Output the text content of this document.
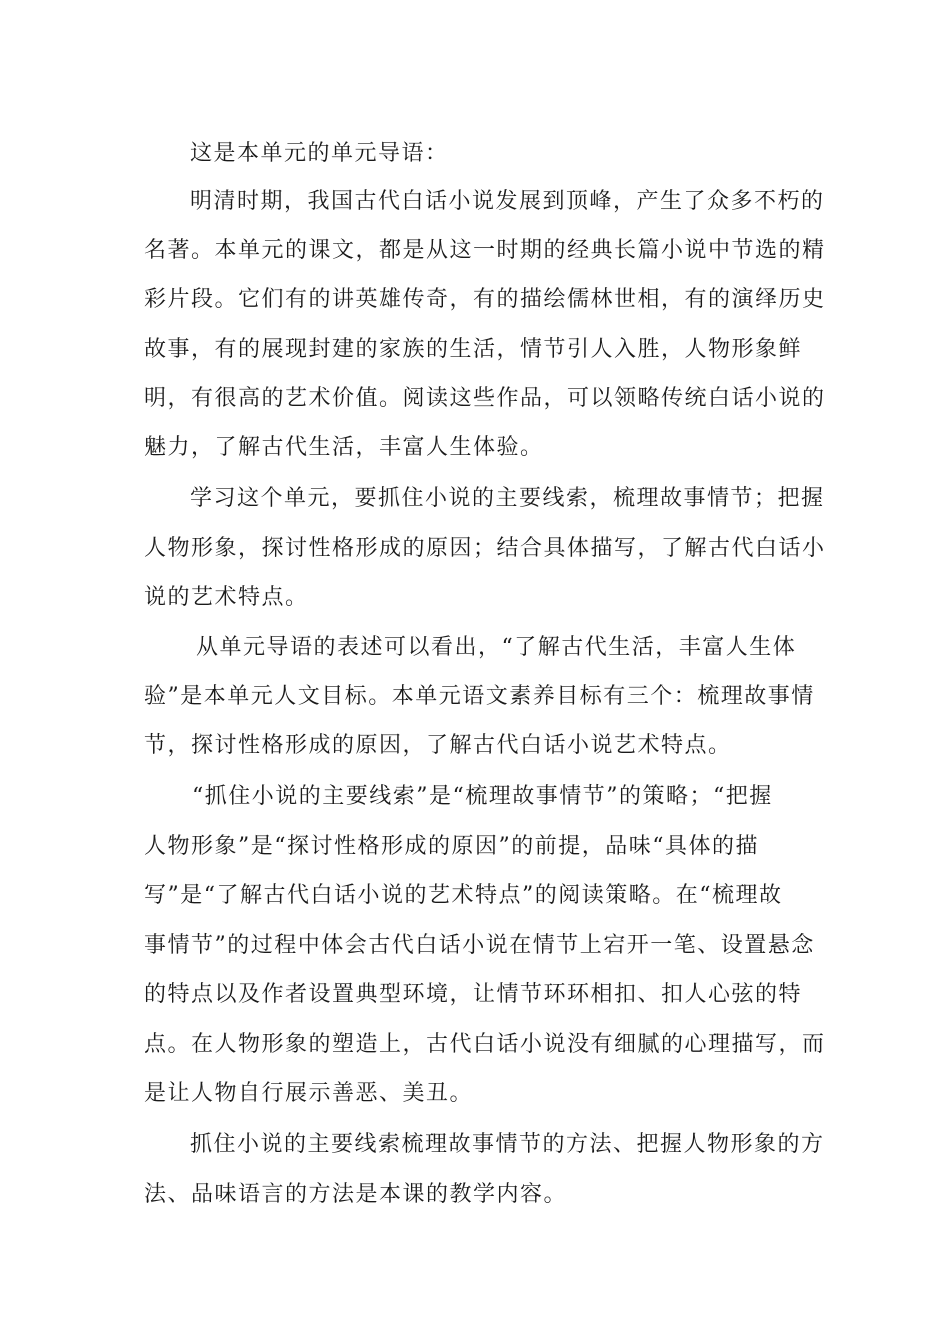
这是本单元的单元导语：
明清时期，我国古代白话小说发展到顶峰，产生了众多不朽的
名著。本单元的课文，都是从这一时期的经典长篇小说中节选的精
彩片段。它们有的讲英雄传奇，有的描绘儒林世相，有的演绎历史
故事，有的展现封建的家族的生活，情节引人入胜，人物形象鲜
明，有很高的艺术价值。阅读这些作品，可以领略传统白话小说的
魅力，了解古代生活，丰富人生体验。
学习这个单元，要抓住小说的主要线索，梳理故事情节；把握
人物形象，探讨性格形成的原因；结合具体描写，了解古代白话小
说的艺术特点。
从单元导语的表述可以看出，“了解古代生活，丰富人生体
验”是本单元人文目标。本单元语文素养目标有三个：梳理故事情
节，探讨性格形成的原因，了解古代白话小说艺术特点。
“抓住小说的主要线索”是“梳理故事情节”的策略；“把握
人物形象”是“探讨性格形成的原因”的前提，品味“具体的描
写”是“了解古代白话小说的艺术特点”的阅读策略。在“梳理故
事情节”的过程中体会古代白话小说在情节上宕开一笔、设置悬念
的特点以及作者设置典型环境，让情节环环相扣、扣人心弦的特
点。在人物形象的塑造上，古代白话小说没有细腻的心理描写，而
是让人物自行展示善恶、美丑。
抓住小说的主要线索梳理故事情节的方法、把握人物形象的方
法、品味语言的方法是本课的教学内容。
